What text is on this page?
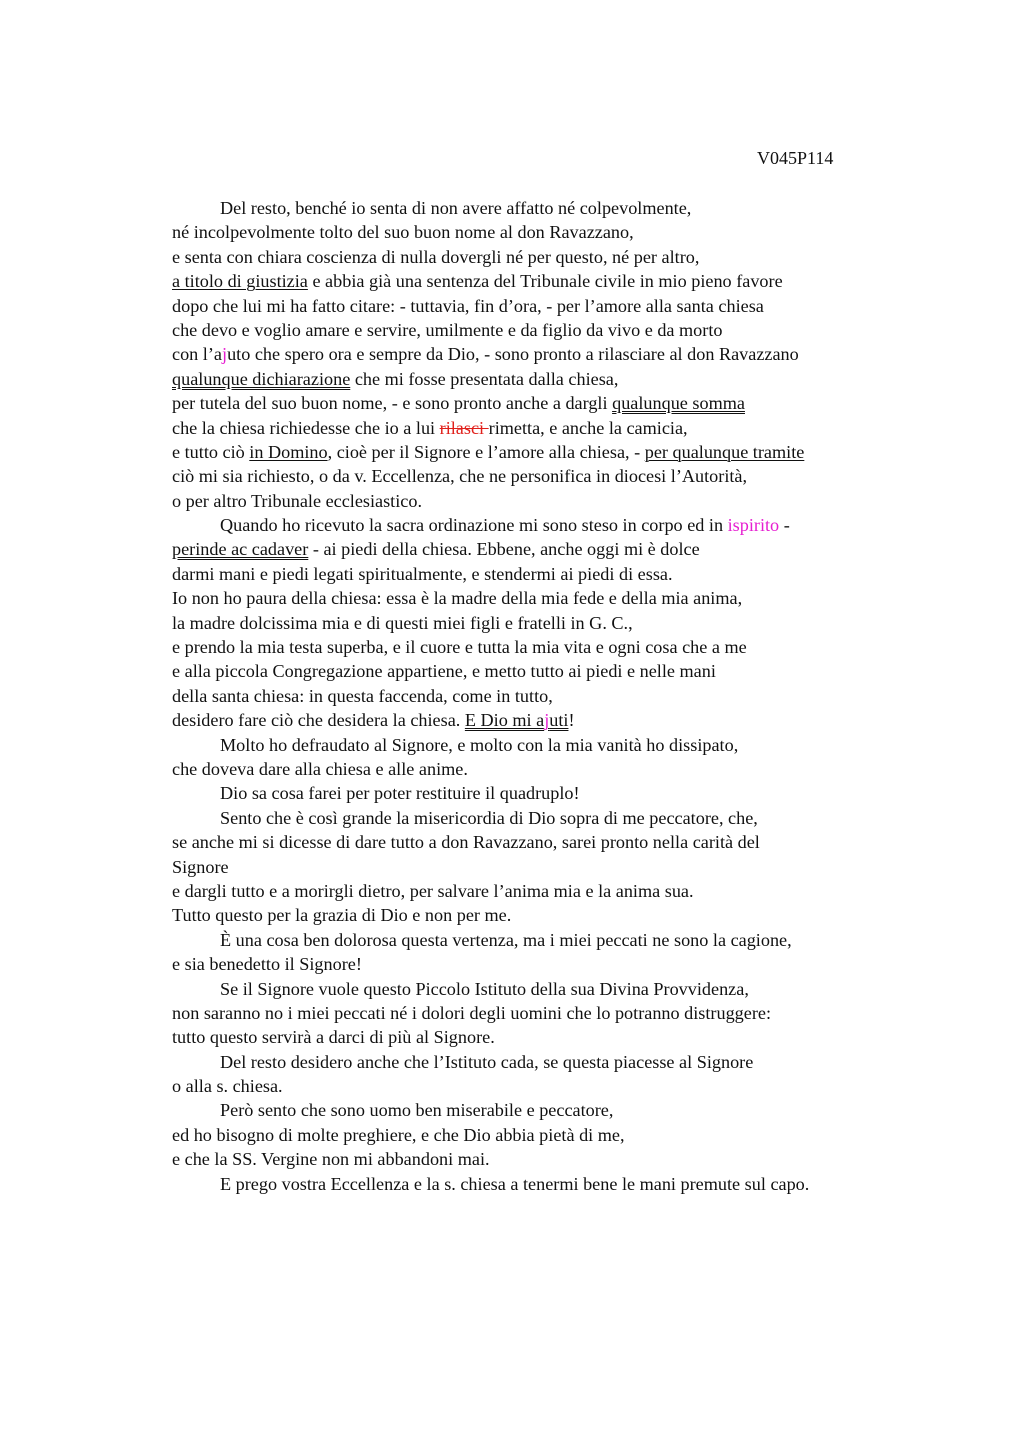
V045P114
Del resto, benché io senta di non avere affatto né colpevolmente,
né incolpevolmente tolto del suo buon nome al don Ravazzano,
e senta con chiara coscienza di nulla dovergli né per questo, né per altro,
a titolo di giustizia e abbia già una sentenza del Tribunale civile in mio pieno favore
dopo che lui mi ha fatto citare: - tuttavia, fin d’ora, - per l’amore alla santa chiesa
che devo e voglio amare e servire, umilmente e da figlio da vivo e da morto
con l’ajuto che spero ora e sempre da Dio, - sono pronto a rilasciare al don Ravazzano
qualunque dichiarazione che mi fosse presentata dalla chiesa,
per tutela del suo buon nome, - e sono pronto anche a dargli qualunque somma
che la chiesa richiedesse che io a lui rilasci rimetta, e anche la camicia,
e tutto ciò in Domino, cioè per il Signore e l’amore alla chiesa, - per qualunque tramite
ciò mi sia richiesto, o da v. Eccellenza, che ne personifica in diocesi l’Autorità,
o per altro Tribunale ecclesiastico.
Quando ho ricevuto la sacra ordinazione mi sono steso in corpo ed in ispirito -
perinde ac cadaver - ai piedi della chiesa. Ebbene, anche oggi mi è dolce
darmi mani e piedi legati spiritualmente, e stendermi ai piedi di essa.
Io non ho paura della chiesa: essa è la madre della mia fede e della mia anima,
la madre dolcissima mia e di questi miei figli e fratelli in G. C.,
e prendo la mia testa superba, e il cuore e tutta la mia vita e ogni cosa che a me
e alla piccola Congregazione appartiene, e metto tutto ai piedi e nelle mani
della santa chiesa: in questa faccenda, come in tutto,
desidero fare ciò che desidera la chiesa. E Dio mi ajuti!
Molto ho defraudato al Signore, e molto con la mia vanità ho dissipato,
che doveva dare alla chiesa e alle anime.
Dio sa cosa farei per poter restituire il quadruplo!
Sento che è così grande la misericordia di Dio sopra di me peccatore, che,
se anche mi si dicesse di dare tutto a don Ravazzano, sarei pronto nella carità del
Signore
e dargli tutto e a morirgli dietro, per salvare l’anima mia e la anima sua.
Tutto questo per la grazia di Dio e non per me.
È una cosa ben dolorosa questa vertenza, ma i miei peccati ne sono la cagione,
e sia benedetto il Signore!
Se il Signore vuole questo Piccolo Istituto della sua Divina Provvidenza,
non saranno no i miei peccati né i dolori degli uomini che lo potranno distruggere:
tutto questo servirà a darci di più al Signore.
Del resto desidero anche che l’Istituto cada, se questa piacesse al Signore
o alla s. chiesa.
Però sento che sono uomo ben miserabile e peccatore,
ed ho bisogno di molte preghiere, e che Dio abbia pietà di me,
e che la SS. Vergine non mi abbandoni mai.
E prego vostra Eccellenza e la s. chiesa a tenermi bene le mani premute sul capo.
